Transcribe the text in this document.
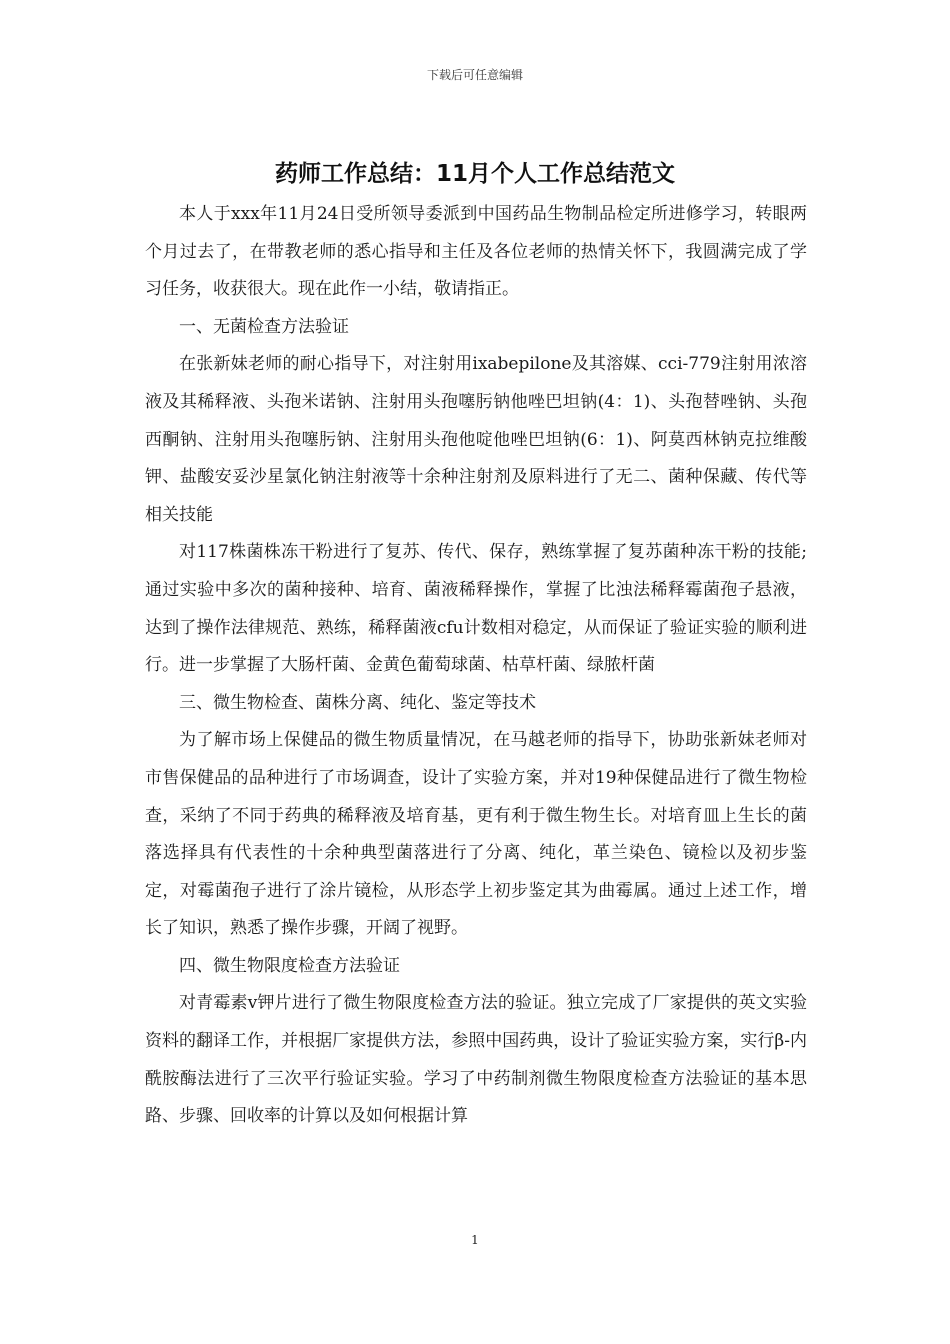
下载后可任意编辑
药师工作总结：11月个人工作总结范文

本人于xxx年11月24日受所领导委派到中国药品生物制品检定所进修学习，转眼两个月过去了，在带教老师的悉心指导和主任及各位老师的热情关怀下，我圆满完成了学习任务，收获很大。现在此作一小结，敬请指正。

一、无菌检查方法验证

在张新妹老师的耐心指导下，对注射用ixabepilone及其溶媒、cci-779注射用浓溶液及其稀释液、头孢米诺钠、注射用头孢噻肟钠他唑巴坦钠(4：1)、头孢替唑钠、头孢西酮钠、注射用头孢噻肟钠、注射用头孢他啶他唑巴坦钠(6：1)、阿莫西林钠克拉维酸钾、盐酸安妥沙星氯化钠注射液等十余种注射剂及原料进行了无二、菌种保藏、传代等相关技能

对117株菌株冻干粉进行了复苏、传代、保存，熟练掌握了复苏菌种冻干粉的技能;通过实验中多次的菌种接种、培育、菌液稀释操作，掌握了比浊法稀释霉菌孢子悬液，达到了操作法律规范、熟练，稀释菌液cfu计数相对稳定，从而保证了验证实验的顺利进行。进一步掌握了大肠杆菌、金黄色葡萄球菌、枯草杆菌、绿脓杆菌

三、微生物检查、菌株分离、纯化、鉴定等技术

为了解市场上保健品的微生物质量情况，在马越老师的指导下，协助张新妹老师对市售保健品的品种进行了市场调查，设计了实验方案，并对19种保健品进行了微生物检查，采纳了不同于药典的稀释液及培育基，更有利于微生物生长。对培育皿上生长的菌落选择具有代表性的十余种典型菌落进行了分离、纯化，革兰染色、镜检以及初步鉴定，对霉菌孢子进行了涂片镜检，从形态学上初步鉴定其为曲霉属。通过上述工作，增长了知识，熟悉了操作步骤，开阔了视野。

四、微生物限度检查方法验证

对青霉素v钾片进行了微生物限度检查方法的验证。独立完成了厂家提供的英文实验资料的翻译工作，并根据厂家提供方法，参照中国药典，设计了验证实验方案，实行β-内酰胺酶法进行了三次平行验证实验。学习了中药制剂微生物限度检查方法验证的基本思路、步骤、回收率的计算以及如何根据计算

1
